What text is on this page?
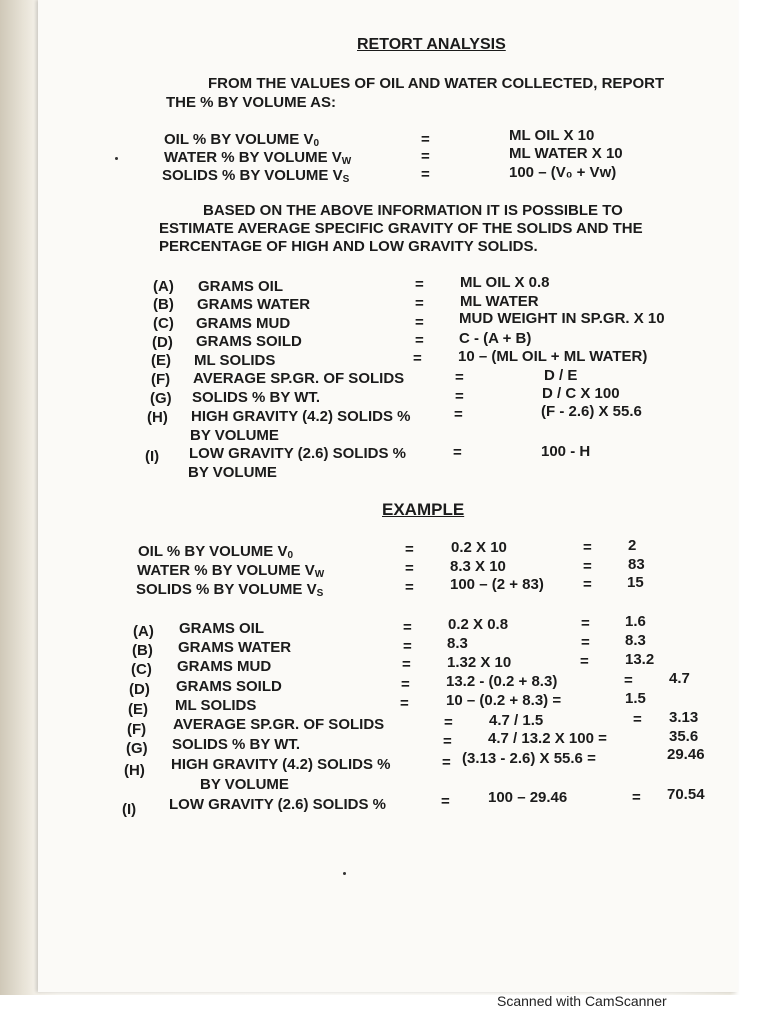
RETORT ANALYSIS
FROM THE VALUES OF OIL AND WATER COLLECTED, REPORT
THE % BY VOLUME AS:
OIL % BY VOLUME $V_0$	=	ML OIL X 10
WATER % BY VOLUME $V_W$	=	ML WATER X 10
SOLIDS % BY VOLUME $V_S$	=	100 – (V₀ + Vᴡ)
BASED ON THE ABOVE INFORMATION IT IS POSSIBLE TO
ESTIMATE AVERAGE SPECIFIC GRAVITY OF THE SOLIDS AND THE
PERCENTAGE OF HIGH AND LOW GRAVITY SOLIDS.
(A) GRAMS OIL	= ML OIL X 0.8
(B) GRAMS WATER	= ML WATER
(C) GRAMS MUD	= MUD WEIGHT IN SP.GR. X 10
(D) GRAMS SOILD	= C - (A + B)
(E) ML SOLIDS	= 10 – (ML OIL + ML WATER)
(F) AVERAGE SP.GR. OF SOLIDS	=	D / E
(G) SOLIDS % BY WT.	=	D / C X 100
(H) HIGH GRAVITY (4.2) SOLIDS %	=	(F - 2.6) X 55.6
BY VOLUME
(I) LOW GRAVITY (2.6) SOLIDS %	=	100 - H
BY VOLUME
EXAMPLE
OIL % BY VOLUME $V_0$	= 0.2 X 10	= 2
WATER % BY VOLUME $V_W$	= 8.3 X 10	= 83
SOLIDS % BY VOLUME $V_S$	= 100 – (2 + 83)	= 15
(A) GRAMS OIL	= 0.2 X 0.8	= 1.6
(B) GRAMS WATER	= 8.3	= 8.3
(C) GRAMS MUD	= 1.32 X 10	= 13.2
(D) GRAMS SOILD	= 13.2 - (0.2 + 8.3)	= 4.7
(E) ML SOLIDS	= 10 – (0.2 + 8.3) =	1.5
(F) AVERAGE SP.GR. OF SOLIDS	= 4.7 / 1.5	= 3.13
(G) SOLIDS % BY WT.	= 4.7 / 13.2 X 100 =	35.6
(H) HIGH GRAVITY (4.2) SOLIDS %	= (3.13 - 2.6) X 55.6 =	29.46
BY VOLUME
(I) LOW GRAVITY (2.6) SOLIDS %	=	100 – 29.46	= 70.54
Scanned with CamScanner
